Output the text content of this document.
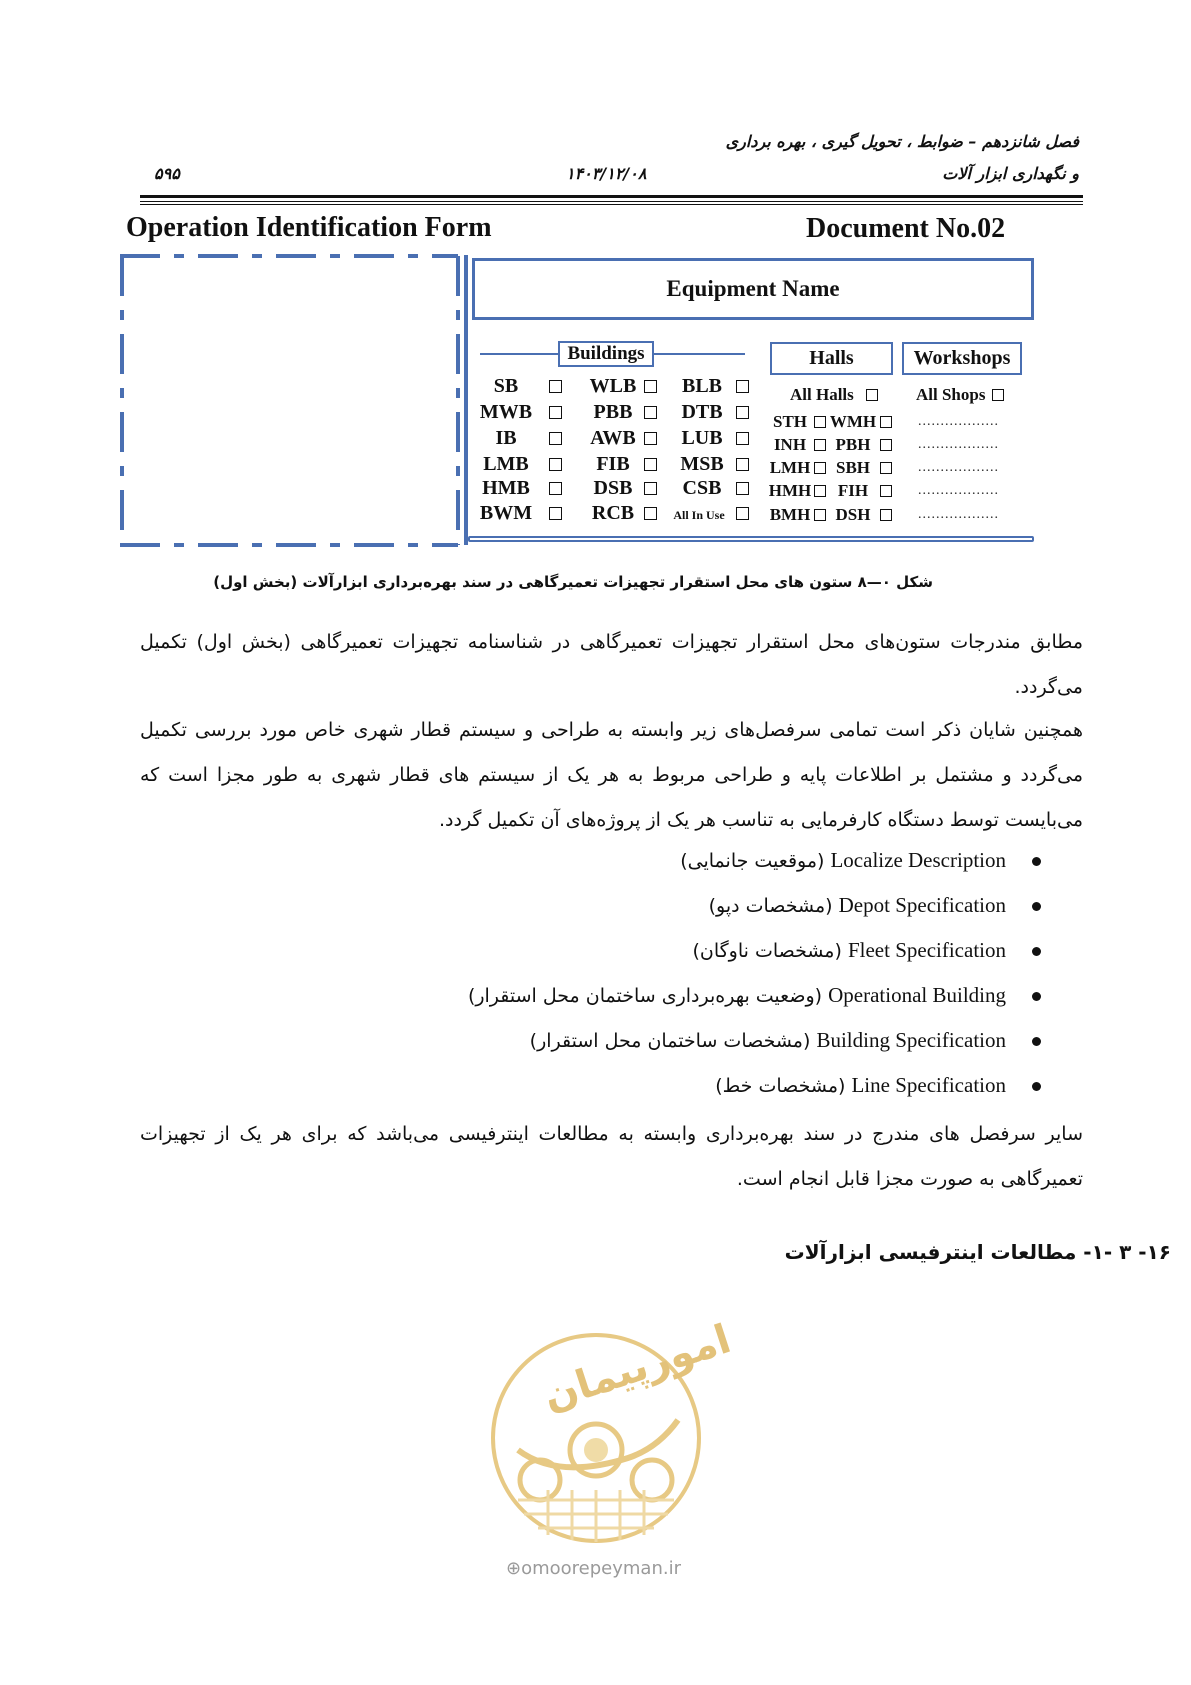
فصل شانزدهم – ضوابط ، تحویل گیری ، بهره برداری
و نگهداری ابزار آلات
۱۴۰۳/۱۲/۰۸
۵۹۵
Operation Identification Form	Document No.02
Equipment Name
Buildings
SB
MWB
IB
LMB
HMB
BWM
WLB
PBB
AWB
FIB
DSB
RCB
BLB
DTB
LUB
MSB
CSB
All In Use
Halls
All Halls
Workshops
All Shops
STH
INH
LMH
HMH
BMH
WMH
PBH
SBH
FIH
DSH
..................
..................
..................
..................
..................
شکل ۰—۸ ستون های محل استقرار تجهیزات تعمیرگاهی در سند بهره‌برداری ابزارآلات (بخش اول)
مطابق مندرجات ستون‌های محل استقرار تجهیزات تعمیرگاهی در شناسنامه تجهیزات تعمیرگاهی (بخش اول) تکمیل می‌گردد.
همچنین شایان ذکر است تمامی سرفصل‌های زیر وابسته به طراحی و سیستم قطار شهری خاص مورد بررسی تکمیل می‌گردد و مشتمل بر اطلاعات پایه و طراحی مربوط به هر یک از سیستم های قطار شهری به طور مجزا است که می‌بایست توسط دستگاه کارفرمایی به تناسب هر یک از پروژه‌های آن تکمیل گردد.
Localize Description (موقعیت جانمایی)
Depot Specification (مشخصات دپو)
Fleet Specification (مشخصات ناوگان)
Operational Building (وضعیت بهره‌برداری ساختمان محل استقرار)
Building Specification (مشخصات ساختمان محل استقرار)
Line Specification (مشخصات خط)
سایر سرفصل های مندرج در سند بهره‌برداری وابسته به مطالعات اینترفیسی می‌باشد که برای هر یک از تجهیزات تعمیرگاهی به صورت مجزا قابل انجام است.
۱۶- ۳ -۱- مطالعات اینترفیسی ابزارآلات
امورپیمان
⊕omoorepeyman.ir
